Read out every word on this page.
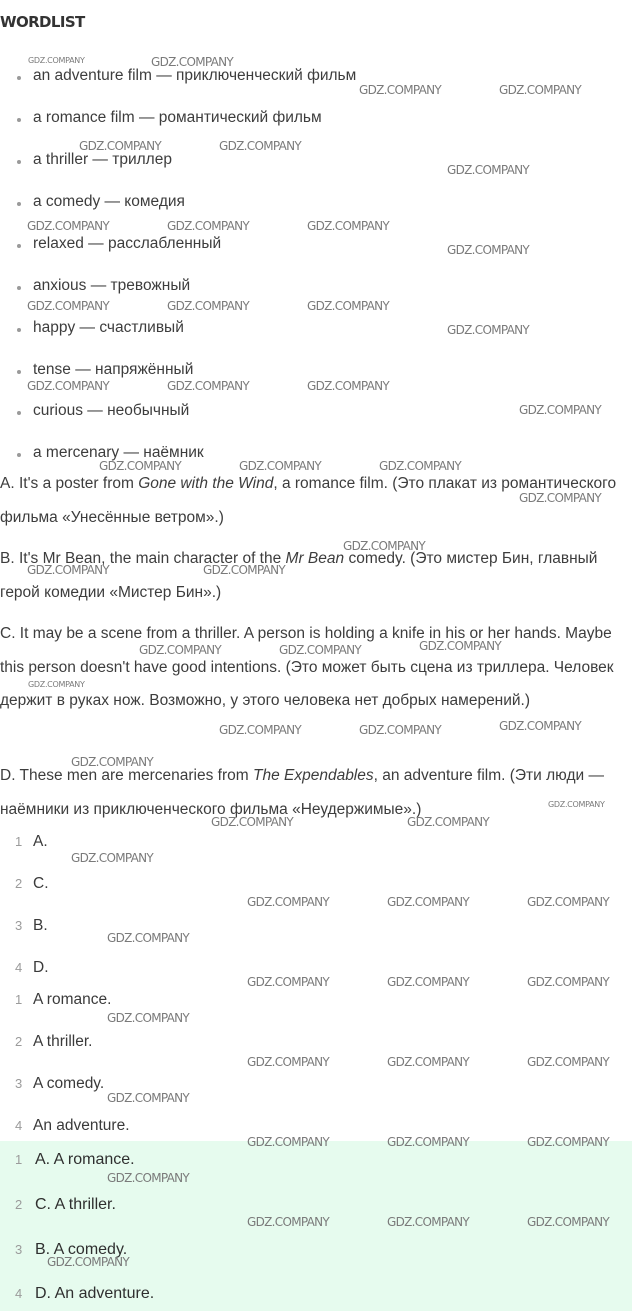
WORDLIST
an adventure film — приключенческий фильм
a romance film — романтический фильм
a thriller — триллер
a comedy — комедия
relaxed — расслабленный
anxious — тревожный
happy — счастливый
tense — напряжённый
curious — необычный
a mercenary — наёмник
A. It's a poster from Gone with the Wind, a romance film. (Это плакат из романтического фильма «Унесённые ветром».)
B. It's Mr Bean, the main character of the Mr Bean comedy. (Это мистер Бин, главный герой комедии «Мистер Бин».)
C. It may be a scene from a thriller. A person is holding a knife in his or her hands. Maybe this person doesn't have good intentions. (Это может быть сцена из триллера. Человек держит в руках нож. Возможно, у этого человека нет добрых намерений.)
D. These men are mercenaries from The Expendables, an adventure film. (Эти люди — наёмники из приключенческого фильма «Неудержимые».)
1 A.
2 C.
3 B.
4 D.
1 A romance.
2 A thriller.
3 A comedy.
4 An adventure.
1 A. A romance.
2 C. A thriller.
3 B. A comedy.
4 D. An adventure.
GDZ.COMPANY	GDZ.COMPANY
GDZ.COMPANY	GDZ.COMPANY
GDZ.COMPANY	GDZ.COMPANY
GDZ.COMPANY
GDZ.COMPANY	GDZ.COMPANY	GDZ.COMPANY
GDZ.COMPANY
GDZ.COMPANY	GDZ.COMPANY	GDZ.COMPANY
GDZ.COMPANY
GDZ.COMPANY	GDZ.COMPANY	GDZ.COMPANY
GDZ.COMPANY
GDZ.COMPANY	GDZ.COMPANY	GDZ.COMPANY
GDZ.COMPANY
GDZ.COMPANY
GDZ.COMPANY	GDZ.COMPANY
GDZ.COMPANY
GDZ.COMPANY	GDZ.COMPANY
GDZ.COMPANY
GDZ.COMPANY
GDZ.COMPANY	GDZ.COMPANY
GDZ.COMPANY
GDZ.COMPANY
GDZ.COMPANY	GDZ.COMPANY
GDZ.COMPANY
GDZ.COMPANY	GDZ.COMPANY	GDZ.COMPANY
GDZ.COMPANY
GDZ.COMPANY	GDZ.COMPANY	GDZ.COMPANY
GDZ.COMPANY
GDZ.COMPANY	GDZ.COMPANY	GDZ.COMPANY
GDZ.COMPANY
GDZ.COMPANY	GDZ.COMPANY	GDZ.COMPANY
GDZ.COMPANY
GDZ.COMPANY	GDZ.COMPANY	GDZ.COMPANY
GDZ.COMPANY
